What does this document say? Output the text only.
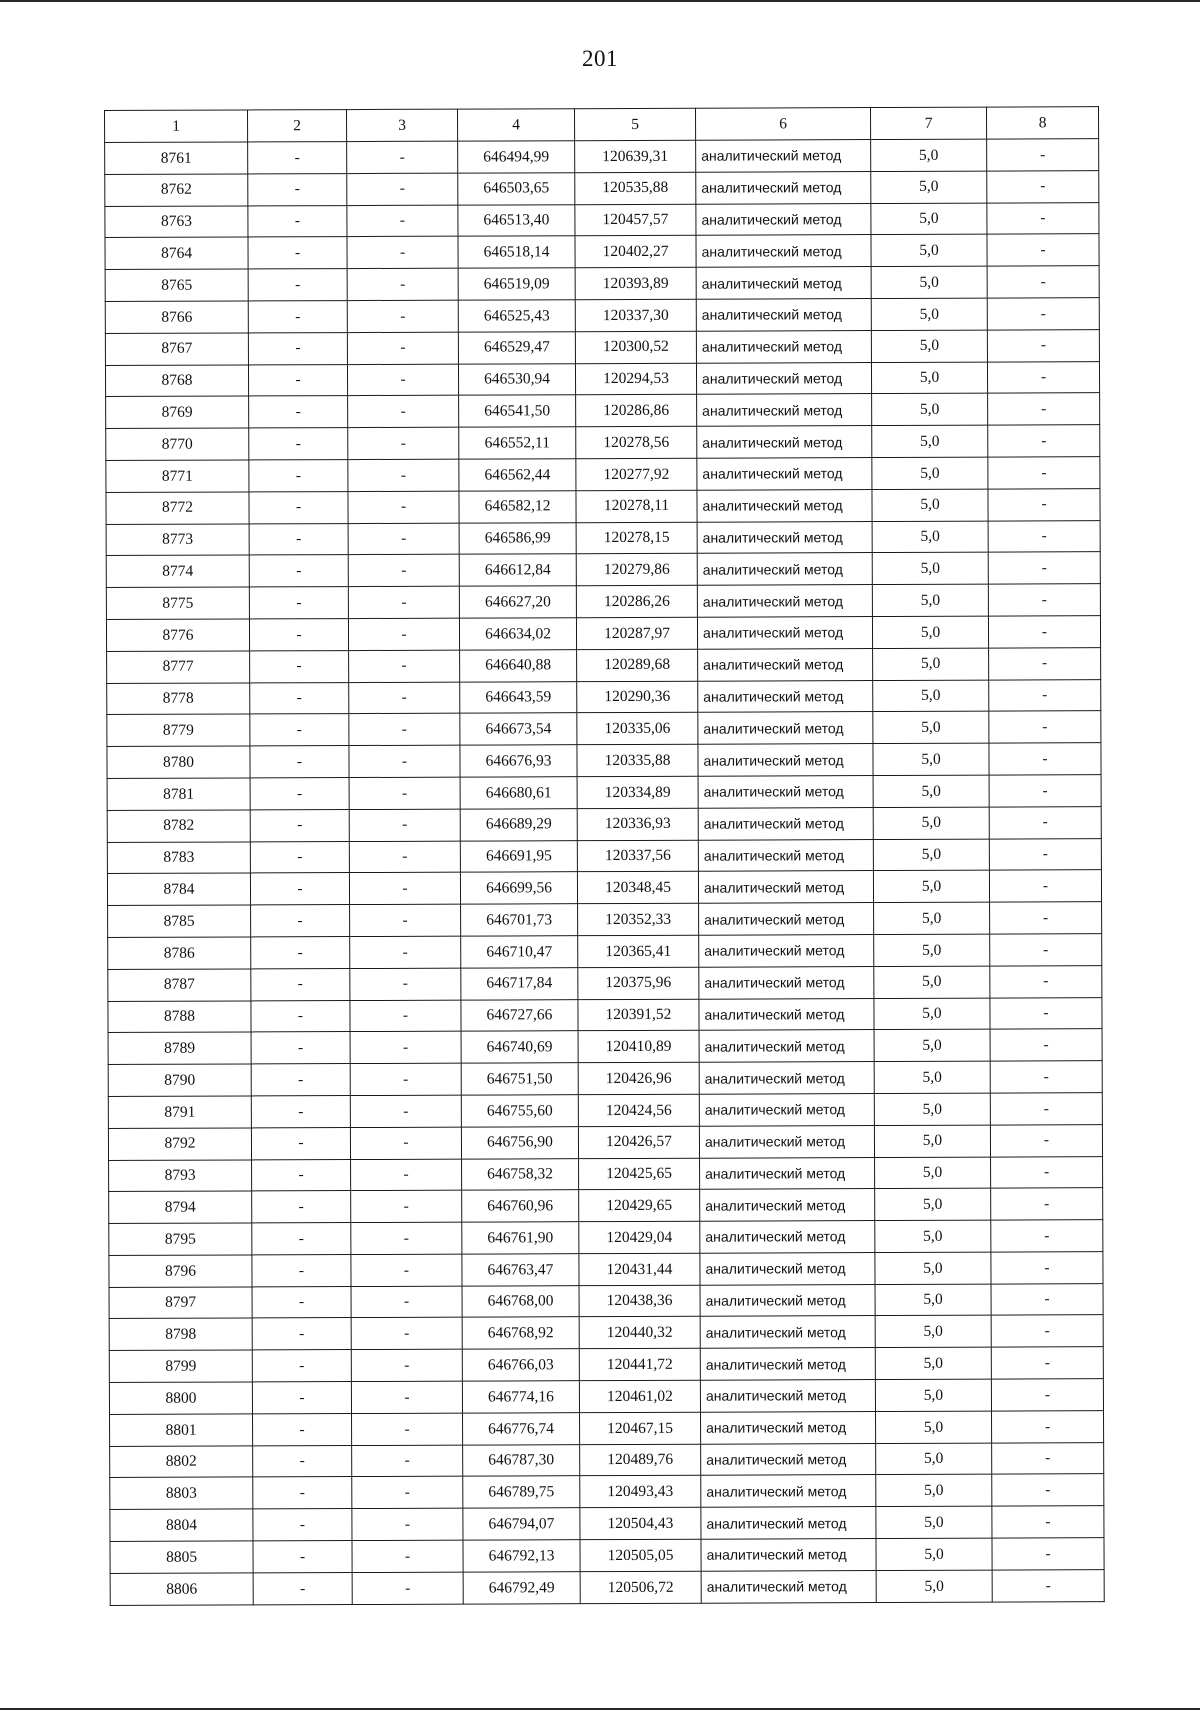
201
1	2	3	4	5	6	7	8
8761	-	-	646494,99	120639,31	аналитический метод	5,0	-
8762	-	-	646503,65	120535,88	аналитический метод	5,0	-
8763	-	-	646513,40	120457,57	аналитический метод	5,0	-
8764	-	-	646518,14	120402,27	аналитический метод	5,0	-
8765	-	-	646519,09	120393,89	аналитический метод	5,0	-
8766	-	-	646525,43	120337,30	аналитический метод	5,0	-
8767	-	-	646529,47	120300,52	аналитический метод	5,0	-
8768	-	-	646530,94	120294,53	аналитический метод	5,0	-
8769	-	-	646541,50	120286,86	аналитический метод	5,0	-
8770	-	-	646552,11	120278,56	аналитический метод	5,0	-
8771	-	-	646562,44	120277,92	аналитический метод	5,0	-
8772	-	-	646582,12	120278,11	аналитический метод	5,0	-
8773	-	-	646586,99	120278,15	аналитический метод	5,0	-
8774	-	-	646612,84	120279,86	аналитический метод	5,0	-
8775	-	-	646627,20	120286,26	аналитический метод	5,0	-
8776	-	-	646634,02	120287,97	аналитический метод	5,0	-
8777	-	-	646640,88	120289,68	аналитический метод	5,0	-
8778	-	-	646643,59	120290,36	аналитический метод	5,0	-
8779	-	-	646673,54	120335,06	аналитический метод	5,0	-
8780	-	-	646676,93	120335,88	аналитический метод	5,0	-
8781	-	-	646680,61	120334,89	аналитический метод	5,0	-
8782	-	-	646689,29	120336,93	аналитический метод	5,0	-
8783	-	-	646691,95	120337,56	аналитический метод	5,0	-
8784	-	-	646699,56	120348,45	аналитический метод	5,0	-
8785	-	-	646701,73	120352,33	аналитический метод	5,0	-
8786	-	-	646710,47	120365,41	аналитический метод	5,0	-
8787	-	-	646717,84	120375,96	аналитический метод	5,0	-
8788	-	-	646727,66	120391,52	аналитический метод	5,0	-
8789	-	-	646740,69	120410,89	аналитический метод	5,0	-
8790	-	-	646751,50	120426,96	аналитический метод	5,0	-
8791	-	-	646755,60	120424,56	аналитический метод	5,0	-
8792	-	-	646756,90	120426,57	аналитический метод	5,0	-
8793	-	-	646758,32	120425,65	аналитический метод	5,0	-
8794	-	-	646760,96	120429,65	аналитический метод	5,0	-
8795	-	-	646761,90	120429,04	аналитический метод	5,0	-
8796	-	-	646763,47	120431,44	аналитический метод	5,0	-
8797	-	-	646768,00	120438,36	аналитический метод	5,0	-
8798	-	-	646768,92	120440,32	аналитический метод	5,0	-
8799	-	-	646766,03	120441,72	аналитический метод	5,0	-
8800	-	-	646774,16	120461,02	аналитический метод	5,0	-
8801	-	-	646776,74	120467,15	аналитический метод	5,0	-
8802	-	-	646787,30	120489,76	аналитический метод	5,0	-
8803	-	-	646789,75	120493,43	аналитический метод	5,0	-
8804	-	-	646794,07	120504,43	аналитический метод	5,0	-
8805	-	-	646792,13	120505,05	аналитический метод	5,0	-
8806	-	-	646792,49	120506,72	аналитический метод	5,0	-
